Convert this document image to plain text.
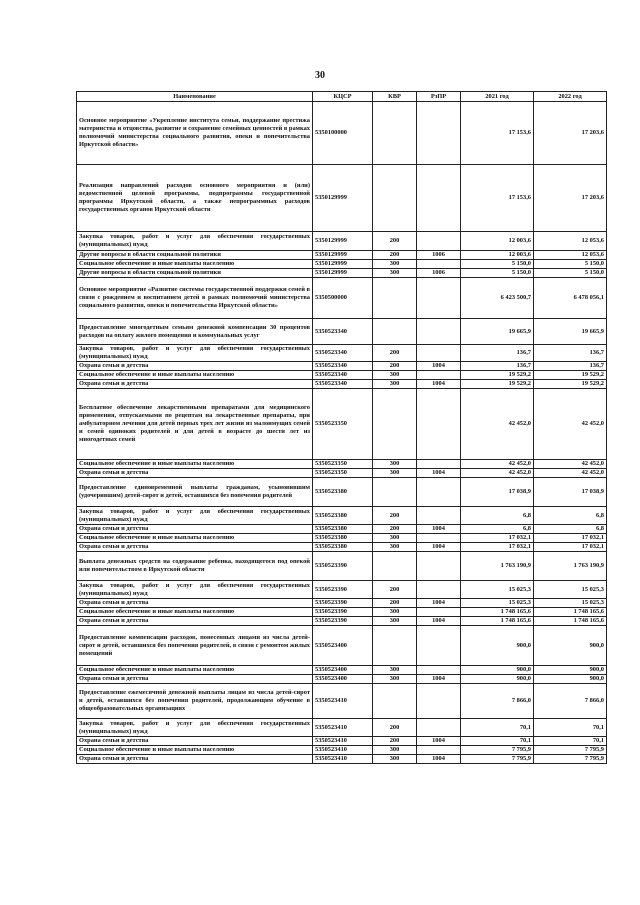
30
Наименование	КЦСР	КВР	РзПР	2021 год	2022 год
Основное мероприятие «Укрепление института семьи, поддержание престижа материнства и отцовства, развитие и сохранение семейных ценностей в рамках полномочий министерства социального развития, опеки и попечительства Иркутской области»	5350100000			17 153,6	17 203,6
Реализация направлений расходов основного мероприятия и (или) ведомственной целевой программы, подпрограммы государственной программы Иркутской области, а также непрограммных расходов государственных органов Иркутской области	5350129999			17 153,6	17 203,6
Закупка товаров, работ и услуг для обеспечения государственных (муниципальных) нужд	5350129999	200		12 003,6	12 053,6
Другие вопросы в области социальной политики	5350129999	200	1006	12 003,6	12 053,6
Социальное обеспечение и иные выплаты населению	5350129999	300		5 150,0	5 150,0
Другие вопросы в области социальной политики	5350129999	300	1006	5 150,0	5 150,0
Основное мероприятие «Развитие системы государственной поддержки семей в связи с рождением и воспитанием детей в рамках полномочий министерства социального развития, опеки и попечительства Иркутской области»	5350500000			6 423 500,7	6 478 056,1
Предоставление многодетным семьям денежной компенсации 30 процентов расходов на оплату жилого помещения и коммунальных услуг	5350523340			19 665,9	19 665,9
Закупка товаров, работ и услуг для обеспечения государственных (муниципальных) нужд	5350523340	200		136,7	136,7
Охрана семьи и детства	5350523340	200	1004	136,7	136,7
Социальное обеспечение и иные выплаты населению	5350523340	300		19 529,2	19 529,2
Охрана семьи и детства	5350523340	300	1004	19 529,2	19 529,2
Бесплатное обеспечение лекарственными препаратами для медицинского применения, отпускаемыми по рецептам на лекарственные препараты, при амбулаторном лечении для детей первых трех лет жизни из малоимущих семей и семей одиноких родителей и для детей в возрасте до шести лет из многодетных семей	5350523350			42 452,0	42 452,0
Социальное обеспечение и иные выплаты населению	5350523350	300		42 452,0	42 452,0
Охрана семьи и детства	5350523350	300	1004	42 452,0	42 452,0
Предоставление единовременной выплаты гражданам, усыновившим (удочерившим) детей-сирот и детей, оставшихся без попечения родителей	5350523380			17 038,9	17 038,9
Закупка товаров, работ и услуг для обеспечения государственных (муниципальных) нужд	5350523380	200		6,8	6,8
Охрана семьи и детства	5350523380	200	1004	6,8	6,8
Социальное обеспечение и иные выплаты населению	5350523380	300		17 032,1	17 032,1
Охрана семьи и детства	5350523380	300	1004	17 032,1	17 032,1
Выплата денежных средств на содержание ребенка, находящегося под опекой или попечительством в Иркутской области	5350523390			1 763 190,9	1 763 190,9
Закупка товаров, работ и услуг для обеспечения государственных (муниципальных) нужд	5350523390	200		15 025,3	15 025,3
Охрана семьи и детства	5350523390	200	1004	15 025,3	15 025,3
Социальное обеспечение и иные выплаты населению	5350523390	300		1 748 165,6	1 748 165,6
Охрана семьи и детства	5350523390	300	1004	1 748 165,6	1 748 165,6
Предоставление компенсации расходов, понесенных лицами из числа детей-сирот и детей, оставшихся без попечения родителей, в связи с ремонтом жилых помещений	5350523400			900,0	900,0
Социальное обеспечение и иные выплаты населению	5350523400	300		900,0	900,0
Охрана семьи и детства	5350523400	300	1004	900,0	900,0
Предоставление ежемесячной денежной выплаты лицам из числа детей-сирот и детей, оставшихся без попечения родителей, продолжающим обучение в общеобразовательных организациях	5350523410			7 866,0	7 866,0
Закупка товаров, работ и услуг для обеспечения государственных (муниципальных) нужд	5350523410	200		70,1	70,1
Охрана семьи и детства	5350523410	200	1004	70,1	70,1
Социальное обеспечение и иные выплаты населению	5350523410	300		7 795,9	7 795,9
Охрана семьи и детства	5350523410	300	1004	7 795,9	7 795,9
